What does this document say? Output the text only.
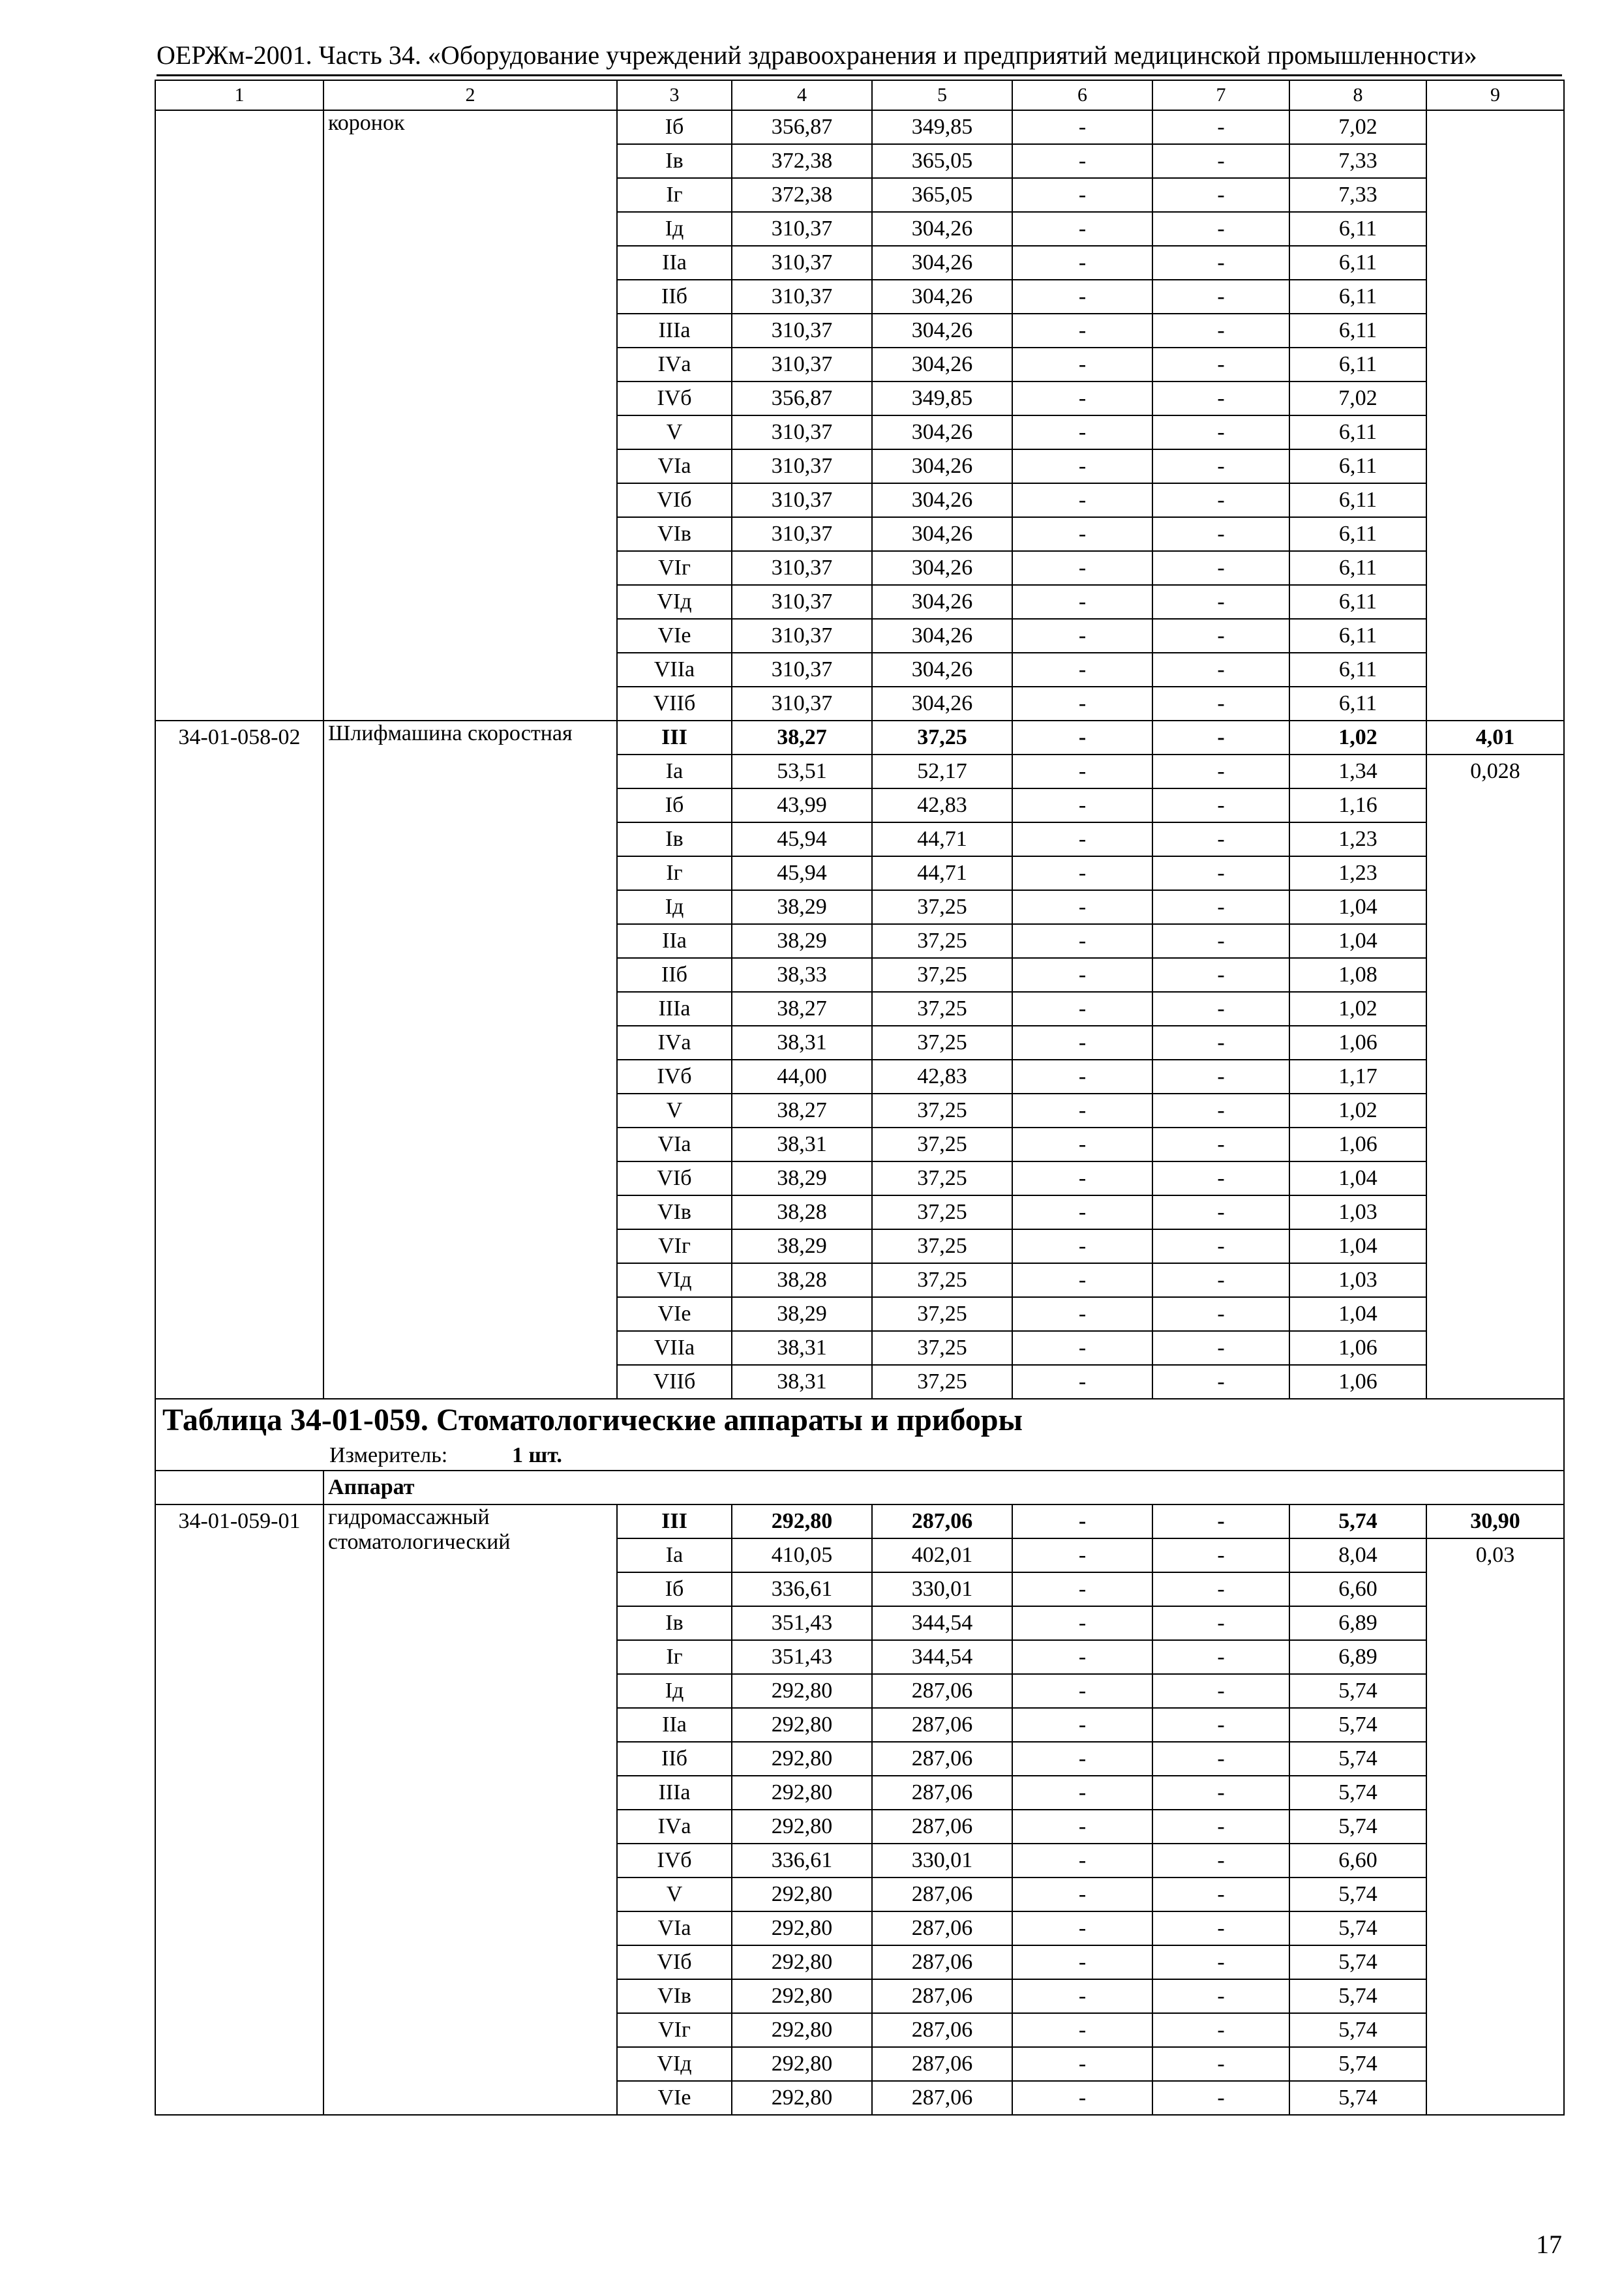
ОЕРЖм-2001. Часть 34. «Оборудование учреждений здравоохранения и предприятий медицинской промышленности»
1	2	3	4	5	6	7	8	9
	коронок	Iб	356,87	349,85	-	-	7,02	
		Iв	372,38	365,05	-	-	7,33	
		Iг	372,38	365,05	-	-	7,33	
		Iд	310,37	304,26	-	-	6,11	
		IIа	310,37	304,26	-	-	6,11	
		IIб	310,37	304,26	-	-	6,11	
		IIIа	310,37	304,26	-	-	6,11	
		IVа	310,37	304,26	-	-	6,11	
		IVб	356,87	349,85	-	-	7,02	
		V	310,37	304,26	-	-	6,11	
		VIа	310,37	304,26	-	-	6,11	
		VIб	310,37	304,26	-	-	6,11	
		VIв	310,37	304,26	-	-	6,11	
		VIг	310,37	304,26	-	-	6,11	
		VIд	310,37	304,26	-	-	6,11	
		VIе	310,37	304,26	-	-	6,11	
		VIIа	310,37	304,26	-	-	6,11	
		VIIб	310,37	304,26	-	-	6,11	
34-01-058-02	Шлифмашина скоростная	III	38,27	37,25	-	-	1,02	4,01
		Iа	53,51	52,17	-	-	1,34	0,028
		Iб	43,99	42,83	-	-	1,16	
		Iв	45,94	44,71	-	-	1,23	
		Iг	45,94	44,71	-	-	1,23	
		Iд	38,29	37,25	-	-	1,04	
		IIа	38,29	37,25	-	-	1,04	
		IIб	38,33	37,25	-	-	1,08	
		IIIа	38,27	37,25	-	-	1,02	
		IVа	38,31	37,25	-	-	1,06	
		IVб	44,00	42,83	-	-	1,17	
		V	38,27	37,25	-	-	1,02	
		VIа	38,31	37,25	-	-	1,06	
		VIб	38,29	37,25	-	-	1,04	
		VIв	38,28	37,25	-	-	1,03	
		VIг	38,29	37,25	-	-	1,04	
		VIд	38,28	37,25	-	-	1,03	
		VIе	38,29	37,25	-	-	1,04	
		VIIа	38,31	37,25	-	-	1,06	
		VIIб	38,31	37,25	-	-	1,06	
Таблица 34-01-059. Стоматологические аппараты и приборы								
Измеритель: 1 шт.								
	Аппарат							
34-01-059-01	гидромассажный стоматологический	III	292,80	287,06	-	-	5,74	30,90
		Iа	410,05	402,01	-	-	8,04	0,03
		Iб	336,61	330,01	-	-	6,60	
		Iв	351,43	344,54	-	-	6,89	
		Iг	351,43	344,54	-	-	6,89	
		Iд	292,80	287,06	-	-	5,74	
		IIа	292,80	287,06	-	-	5,74	
		IIб	292,80	287,06	-	-	5,74	
		IIIа	292,80	287,06	-	-	5,74	
		IVа	292,80	287,06	-	-	5,74	
		IVб	336,61	330,01	-	-	6,60	
		V	292,80	287,06	-	-	5,74	
		VIа	292,80	287,06	-	-	5,74	
		VIб	292,80	287,06	-	-	5,74	
		VIв	292,80	287,06	-	-	5,74	
		VIг	292,80	287,06	-	-	5,74	
		VIд	292,80	287,06	-	-	5,74	
		VIе	292,80	287,06	-	-	5,74	
17
